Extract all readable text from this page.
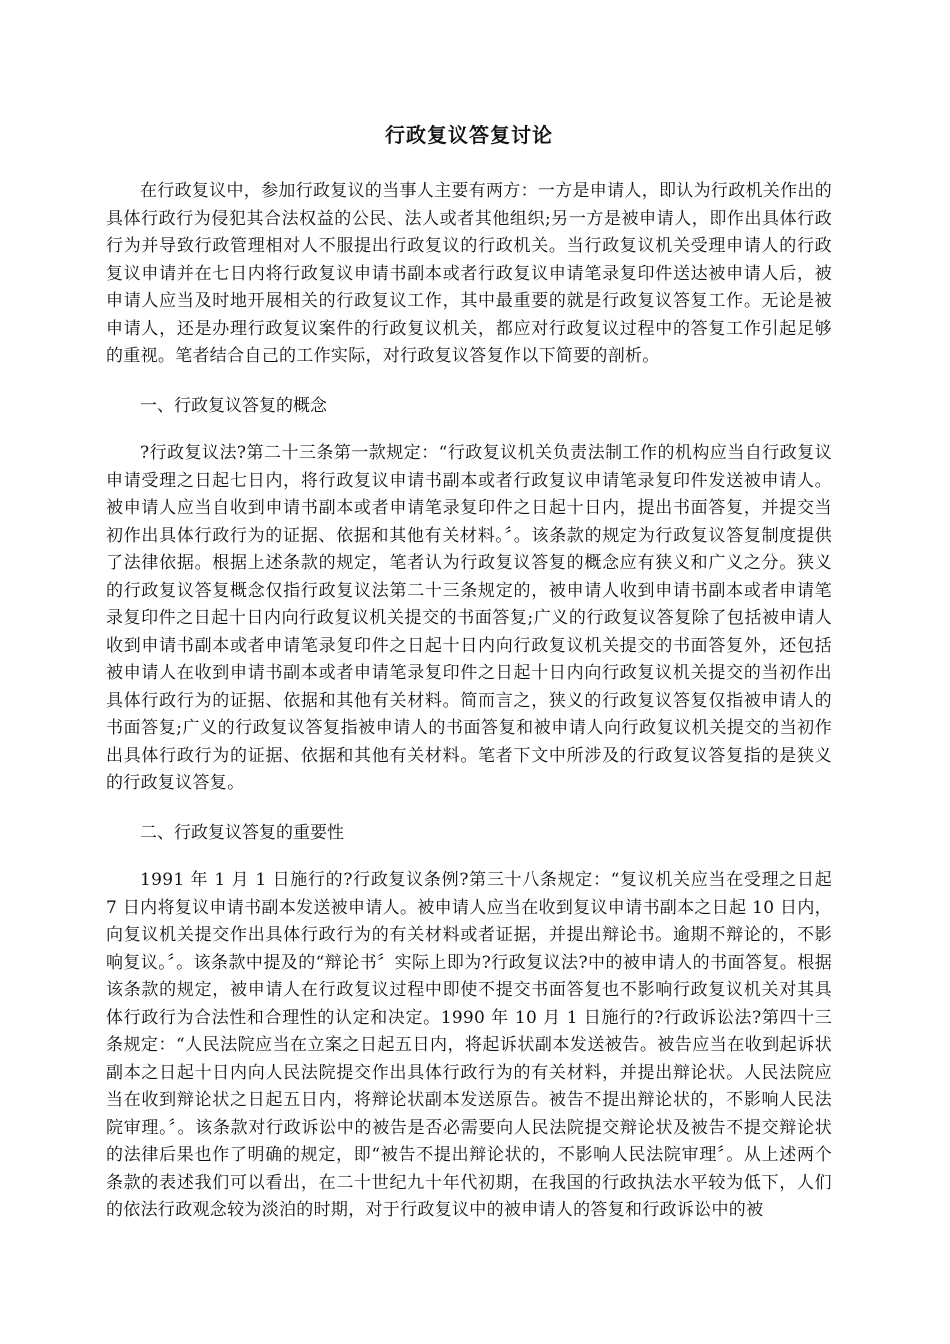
行政复议答复讨论

在行政复议中，参加行政复议的当事人主要有两方：一方是申请人，即认为行政机关作出的具体行政行为侵犯其合法权益的公民、法人或者其他组织;另一方是被申请人，即作出具体行政行为并导致行政管理相对人不服提出行政复议的行政机关。当行政复议机关受理申请人的行政复议申请并在七日内将行政复议申请书副本或者行政复议申请笔录复印件送达被申请人后，被申请人应当及时地开展相关的行政复议工作，其中最重要的就是行政复议答复工作。无论是被申请人，还是办理行政复议案件的行政复议机关，都应对行政复议过程中的答复工作引起足够的重视。笔者结合自己的工作实际，对行政复议答复作以下简要的剖析。

一、行政复议答复的概念

?行政复议法?第二十三条第一款规定：“行政复议机关负责法制工作的机构应当自行政复议申请受理之日起七日内，将行政复议申请书副本或者行政复议申请笔录复印件发送被申请人。被申请人应当自收到申请书副本或者申请笔录复印件之日起十日内，提出书面答复，并提交当初作出具体行政行为的证据、依据和其他有关材料。〞。该条款的规定为行政复议答复制度提供了法律依据。根据上述条款的规定，笔者认为行政复议答复的概念应有狭义和广义之分。狭义的行政复议答复概念仅指行政复议法第二十三条规定的，被申请人收到申请书副本或者申请笔录复印件之日起十日内向行政复议机关提交的书面答复;广义的行政复议答复除了包括被申请人收到申请书副本或者申请笔录复印件之日起十日内向行政复议机关提交的书面答复外，还包括被申请人在收到申请书副本或者申请笔录复印件之日起十日内向行政复议机关提交的当初作出具体行政行为的证据、依据和其他有关材料。简而言之，狭义的行政复议答复仅指被申请人的书面答复;广义的行政复议答复指被申请人的书面答复和被申请人向行政复议机关提交的当初作出具体行政行为的证据、依据和其他有关材料。笔者下文中所涉及的行政复议答复指的是狭义的行政复议答复。

二、行政复议答复的重要性

1991 年 1 月 1 日施行的?行政复议条例?第三十八条规定：“复议机关应当在受理之日起 7 日内将复议申请书副本发送被申请人。被申请人应当在收到复议申请书副本之日起 10 日内，向复议机关提交作出具体行政行为的有关材料或者证据，并提出辩论书。逾期不辩论的，不影响复议。〞。该条款中提及的“辩论书〞实际上即为?行政复议法?中的被申请人的书面答复。根据该条款的规定，被申请人在行政复议过程中即使不提交书面答复也不影响行政复议机关对其具体行政行为合法性和合理性的认定和决定。1990 年 10 月 1 日施行的?行政诉讼法?第四十三条规定：“人民法院应当在立案之日起五日内，将起诉状副本发送被告。被告应当在收到起诉状副本之日起十日内向人民法院提交作出具体行政行为的有关材料，并提出辩论状。人民法院应当在收到辩论状之日起五日内，将辩论状副本发送原告。被告不提出辩论状的，不影响人民法院审理。〞。该条款对行政诉讼中的被告是否必需要向人民法院提交辩论状及被告不提交辩论状的法律后果也作了明确的规定，即“被告不提出辩论状的，不影响人民法院审理〞。从上述两个条款的表述我们可以看出，在二十世纪九十年代初期，在我国的行政执法水平较为低下，人们的依法行政观念较为淡泊的时期，对于行政复议中的被申请人的答复和行政诉讼中的被
